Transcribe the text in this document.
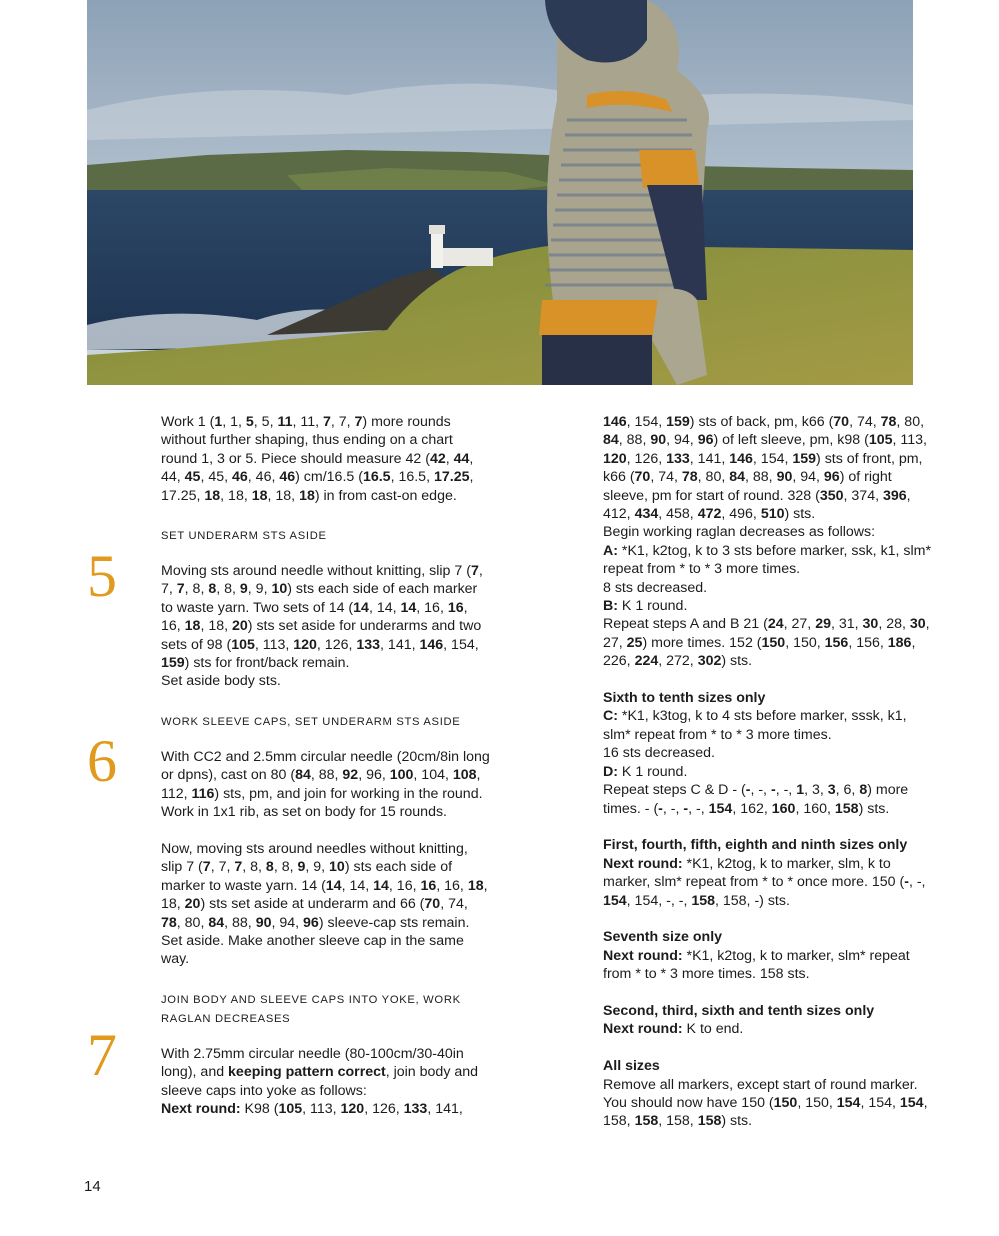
5
6
7

Work 1 (1, 1, 5, 5, 11, 11, 7, 7, 7) more rounds without further shaping, thus ending on a chart round 1, 3 or 5. Piece should measure 42 (42, 44, 44, 45, 45, 46, 46, 46) cm/16.5 (16.5, 16.5, 17.25, 17.25, 18, 18, 18, 18, 18) in from cast-on edge.

SET UNDERARM STS ASIDE

Moving sts around needle without knitting, slip 7 (7, 7, 7, 8, 8, 8, 9, 9, 10) sts each side of each marker to waste yarn. Two sets of 14 (14, 14, 14, 16, 16, 16, 18, 18, 20) sts set aside for underarms and two sets of 98 (105, 113, 120, 126, 133, 141, 146, 154, 159) sts for front/back remain.

Set aside body sts.

WORK SLEEVE CAPS, SET UNDERARM STS ASIDE

With CC2 and 2.5mm circular needle (20cm/8in long or dpns), cast on 80 (84, 88, 92, 96, 100, 104, 108, 112, 116) sts, pm, and join for working in the round.

Work in 1x1 rib, as set on body for 15 rounds.

Now, moving sts around needles without knitting, slip 7 (7, 7, 7, 8, 8, 8, 9, 9, 10) sts each side of marker to waste yarn. 14 (14, 14, 14, 16, 16, 16, 18, 18, 20) sts set aside at underarm and 66 (70, 74, 78, 80, 84, 88, 90, 94, 96) sleeve-cap sts remain.

Set aside. Make another sleeve cap in the same way.

JOIN BODY AND SLEEVE CAPS INTO YOKE, WORK RAGLAN DECREASES

With 2.75mm circular needle (80-100cm/30-40in long), and keeping pattern correct, join body and sleeve caps into yoke as follows:
Next round: K98 (105, 113, 120, 126, 133, 141,

146, 154, 159) sts of back, pm, k66 (70, 74, 78, 80, 84, 88, 90, 94, 96) of left sleeve, pm, k98 (105, 113, 120, 126, 133, 141, 146, 154, 159) sts of front, pm, k66 (70, 74, 78, 80, 84, 88, 90, 94, 96) of right sleeve, pm for start of round. 328 (350, 374, 396, 412, 434, 458, 472, 496, 510) sts.

Begin working raglan decreases as follows:

A: *K1, k2tog, k to 3 sts before marker, ssk, k1, slm* repeat from * to * 3 more times.

8 sts decreased.

B: K 1 round.

Repeat steps A and B 21 (24, 27, 29, 31, 30, 28, 30, 27, 25) more times. 152 (150, 150, 156, 156, 186, 226, 224, 272, 302) sts.

Sixth to tenth sizes only

C: *K1, k3tog, k to 4 sts before marker, sssk, k1, slm* repeat from * to * 3 more times.

16 sts decreased.

D: K 1 round.

Repeat steps C & D - (-, -, -, -, 1, 3, 3, 6, 8) more times. - (-, -, -, -, 154, 162, 160, 160, 158) sts.

First, fourth, fifth, eighth and ninth sizes only

Next round: *K1, k2tog, k to marker, slm, k to marker, slm* repeat from * to * once more. 150 (-, -, 154, 154, -, -, 158, 158, -) sts.

Seventh size only

Next round: *K1, k2tog, k to marker, slm* repeat from * to * 3 more times. 158 sts.

Second, third, sixth and tenth sizes only

Next round: K to end.

All sizes

Remove all markers, except start of round marker. You should now have 150 (150, 150, 154, 154, 154, 158, 158, 158, 158) sts.

14
